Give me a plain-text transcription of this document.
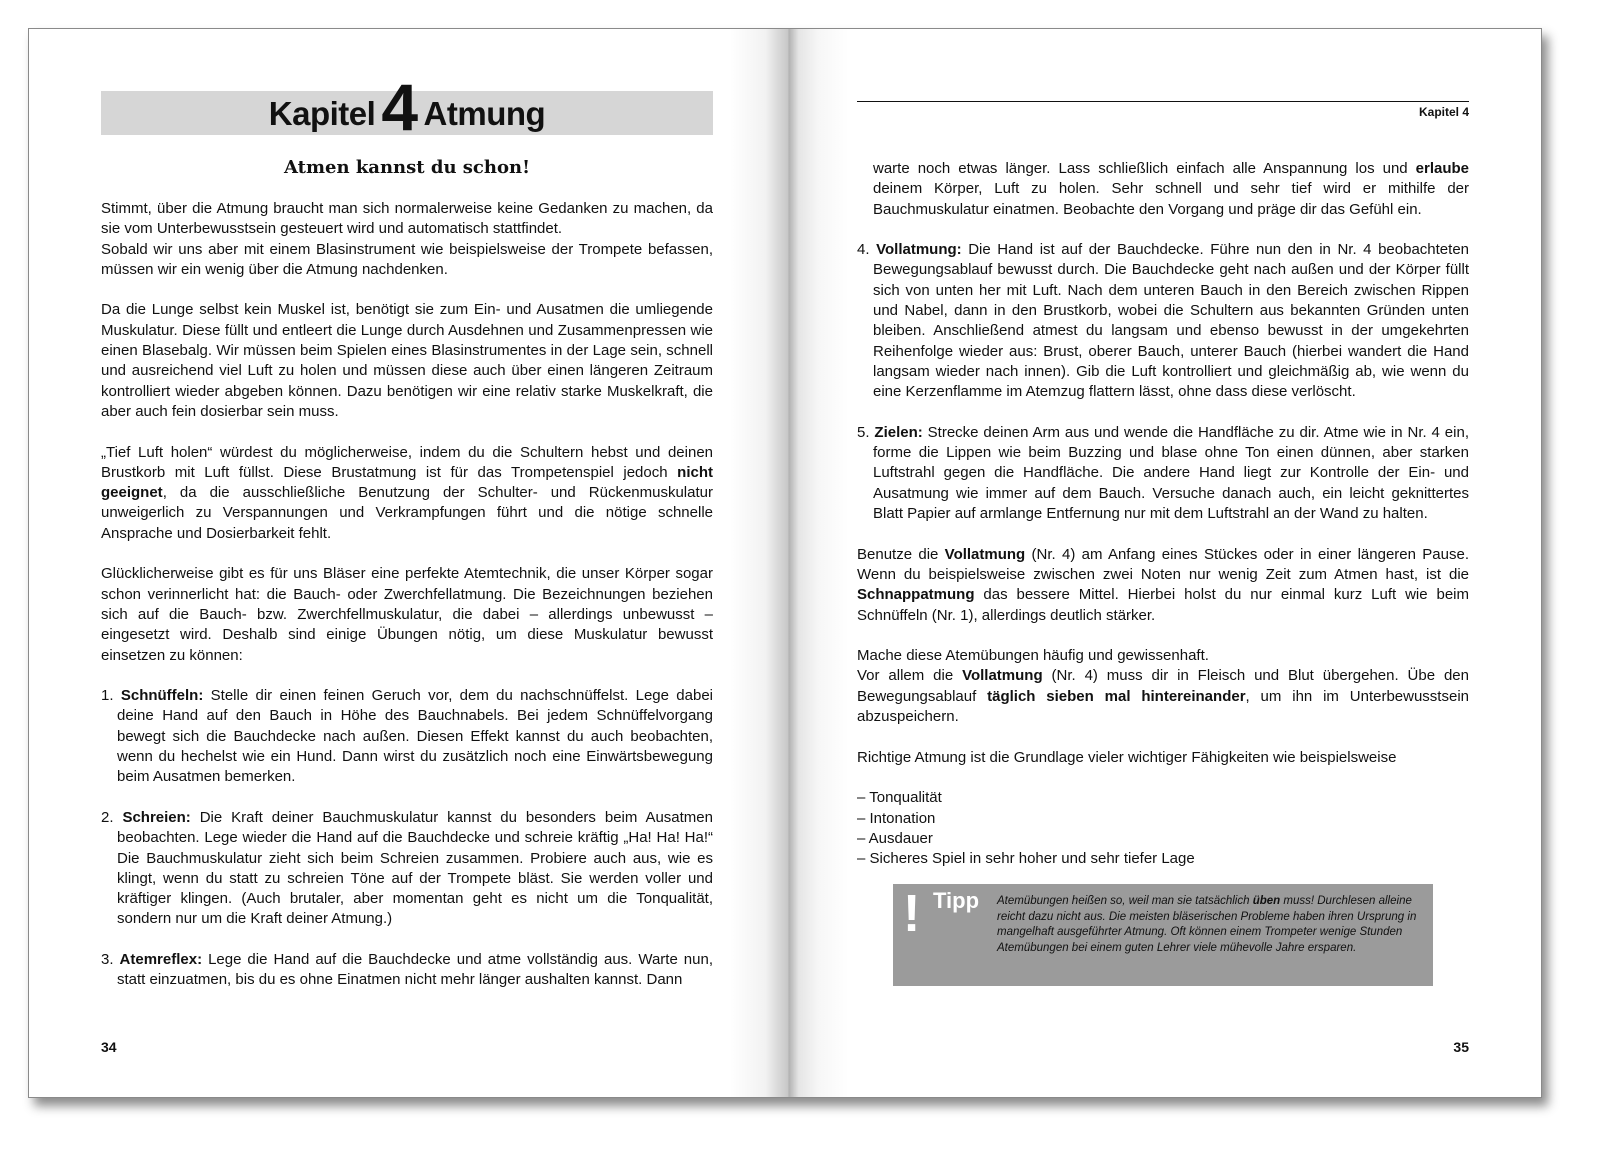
Kapitel4 Atmung
Atmen kannst du schon!

Stimmt, über die Atmung braucht man sich normalerweise keine Gedanken zu machen, da sie vom Unterbewusstsein gesteuert wird und automatisch stattfindet.
Sobald wir uns aber mit einem Blasinstrument wie beispielsweise der Trompete befassen, müssen wir ein wenig über die Atmung nachdenken.

Da die Lunge selbst kein Muskel ist, benötigt sie zum Ein- und Ausatmen die umliegende Muskulatur. Diese füllt und entleert die Lunge durch Ausdehnen und Zusammenpressen wie einen Blasebalg. Wir müssen beim Spielen eines Blasinstrumentes in der Lage sein, schnell und ausreichend viel Luft zu holen und müssen diese auch über einen längeren Zeitraum kontrolliert wieder abgeben können. Dazu benötigen wir eine relativ starke Muskelkraft, die aber auch fein dosierbar sein muss.

„Tief Luft holen“ würdest du möglicherweise, indem du die Schultern hebst und deinen Brustkorb mit Luft füllst. Diese Brustatmung ist für das Trompetenspiel jedoch nicht geeignet, da die ausschließliche Benutzung der Schulter- und Rückenmuskulatur unweigerlich zu Verspannungen und Verkrampfungen führt und die nötige schnelle Ansprache und Dosierbarkeit fehlt.

Glücklicherweise gibt es für uns Bläser eine perfekte Atemtechnik, die unser Körper sogar schon verinnerlicht hat: die Bauch- oder Zwerchfellatmung. Die Bezeichnungen beziehen sich auf die Bauch- bzw. Zwerchfellmuskulatur, die dabei – allerdings unbewusst – eingesetzt wird. Deshalb sind einige Übungen nötig, um diese Muskulatur bewusst einsetzen zu können:

1. Schnüffeln: Stelle dir einen feinen Geruch vor, dem du nachschnüffelst. Lege dabei deine Hand auf den Bauch in Höhe des Bauchnabels. Bei jedem Schnüffelvorgang bewegt sich die Bauchdecke nach außen. Diesen Effekt kannst du auch beobachten, wenn du hechelst wie ein Hund. Dann wirst du zusätzlich noch eine Einwärtsbewegung beim Ausatmen bemerken.
2. Schreien: Die Kraft deiner Bauchmuskulatur kannst du besonders beim Ausatmen beobachten. Lege wieder die Hand auf die Bauchdecke und schreie kräftig „Ha! Ha! Ha!“ Die Bauchmuskulatur zieht sich beim Schreien zusammen. Probiere auch aus, wie es klingt, wenn du statt zu schreien Töne auf der Trompete bläst. Sie werden voller und kräftiger klingen. (Auch brutaler, aber momentan geht es nicht um die Tonqualität, sondern nur um die Kraft deiner Atmung.)
3. Atemreflex: Lege die Hand auf die Bauchdecke und atme vollständig aus. Warte nun, statt einzuatmen, bis du es ohne Einatmen nicht mehr länger aushalten kannst. Dann
34
Kapitel 4

warte noch etwas länger. Lass schließlich einfach alle Anspannung los und erlaube deinem Körper, Luft zu holen. Sehr schnell und sehr tief wird er mithilfe der Bauchmuskulatur einatmen. Beobachte den Vorgang und präge dir das Gefühl ein.

4. Vollatmung: Die Hand ist auf der Bauchdecke. Führe nun den in Nr. 4 beobachteten Bewegungsablauf bewusst durch. Die Bauchdecke geht nach außen und der Körper füllt sich von unten her mit Luft. Nach dem unteren Bauch in den Bereich zwischen Rippen und Nabel, dann in den Brustkorb, wobei die Schultern aus bekannten Gründen unten bleiben. Anschließend atmest du langsam und ebenso bewusst in der umgekehrten Reihenfolge wieder aus: Brust, oberer Bauch, unterer Bauch (hierbei wandert die Hand langsam wieder nach innen). Gib die Luft kontrolliert und gleichmäßig ab, wie wenn du eine Kerzenflamme im Atemzug flattern lässt, ohne dass diese verlöscht.
5. Zielen: Strecke deinen Arm aus und wende die Handfläche zu dir. Atme wie in Nr. 4 ein, forme die Lippen wie beim Buzzing und blase ohne Ton einen dünnen, aber starken Luftstrahl gegen die Handfläche. Die andere Hand liegt zur Kontrolle der Ein- und Ausatmung wie immer auf dem Bauch. Versuche danach auch, ein leicht geknittertes Blatt Papier auf armlange Entfernung nur mit dem Luftstrahl an der Wand zu halten.

Benutze die Vollatmung (Nr. 4) am Anfang eines Stückes oder in einer längeren Pause. Wenn du beispielsweise zwischen zwei Noten nur wenig Zeit zum Atmen hast, ist die Schnappatmung das bessere Mittel. Hierbei holst du nur einmal kurz Luft wie beim Schnüffeln (Nr. 1), allerdings deutlich stärker.

Mache diese Atemübungen häufig und gewissenhaft.
Vor allem die Vollatmung (Nr. 4) muss dir in Fleisch und Blut übergehen. Übe den Bewegungsablauf täglich sieben mal hintereinander, um ihn im Unterbewusstsein abzuspeichern.

Richtige Atmung ist die Grundlage vieler wichtiger Fähigkeiten wie beispielsweise

– Tonqualität
– Intonation
– Ausdauer
– Sicheres Spiel in sehr hoher und sehr tiefer Lage
! Tipp Atemübungen heißen so, weil man sie tatsächlich üben muss! Durchlesen alleine reicht dazu nicht aus. Die meisten bläserischen Probleme haben ihren Ursprung in mangelhaft ausgeführter Atmung. Oft können einem Trompeter wenige Stunden Atemübungen bei einem guten Lehrer viele mühevolle Jahre ersparen.
35
